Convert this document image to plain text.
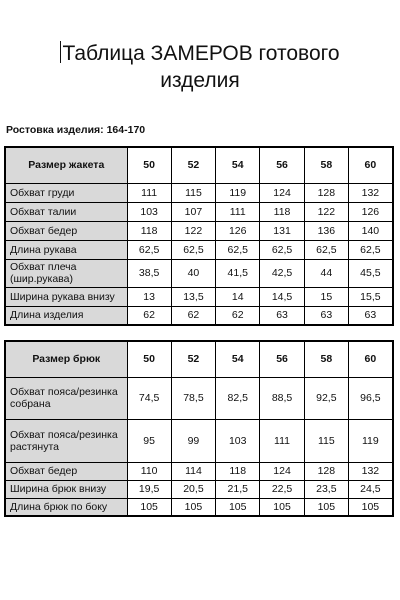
Таблица ЗАМЕРОВ готового
изделия
Ростовка изделия: 164-170
Размер жакета	50	52	54	56	58	60
Обхват груди	111	115	119	124	128	132
Обхват талии	103	107	111	118	122	126
Обхват бедер	118	122	126	131	136	140
Длина рукава	62,5	62,5	62,5	62,5	62,5	62,5
Обхват плеча (шир.рукава)	38,5	40	41,5	42,5	44	45,5
Ширина рукава внизу	13	13,5	14	14,5	15	15,5
Длина изделия	62	62	62	63	63	63
Размер брюк	50	52	54	56	58	60
Обхват пояса/резинка собрана	74,5	78,5	82,5	88,5	92,5	96,5
Обхват пояса/резинка растянута	95	99	103	111	115	119
Обхват бедер	110	114	118	124	128	132
Ширина брюк внизу	19,5	20,5	21,5	22,5	23,5	24,5
Длина брюк по боку	105	105	105	105	105	105
